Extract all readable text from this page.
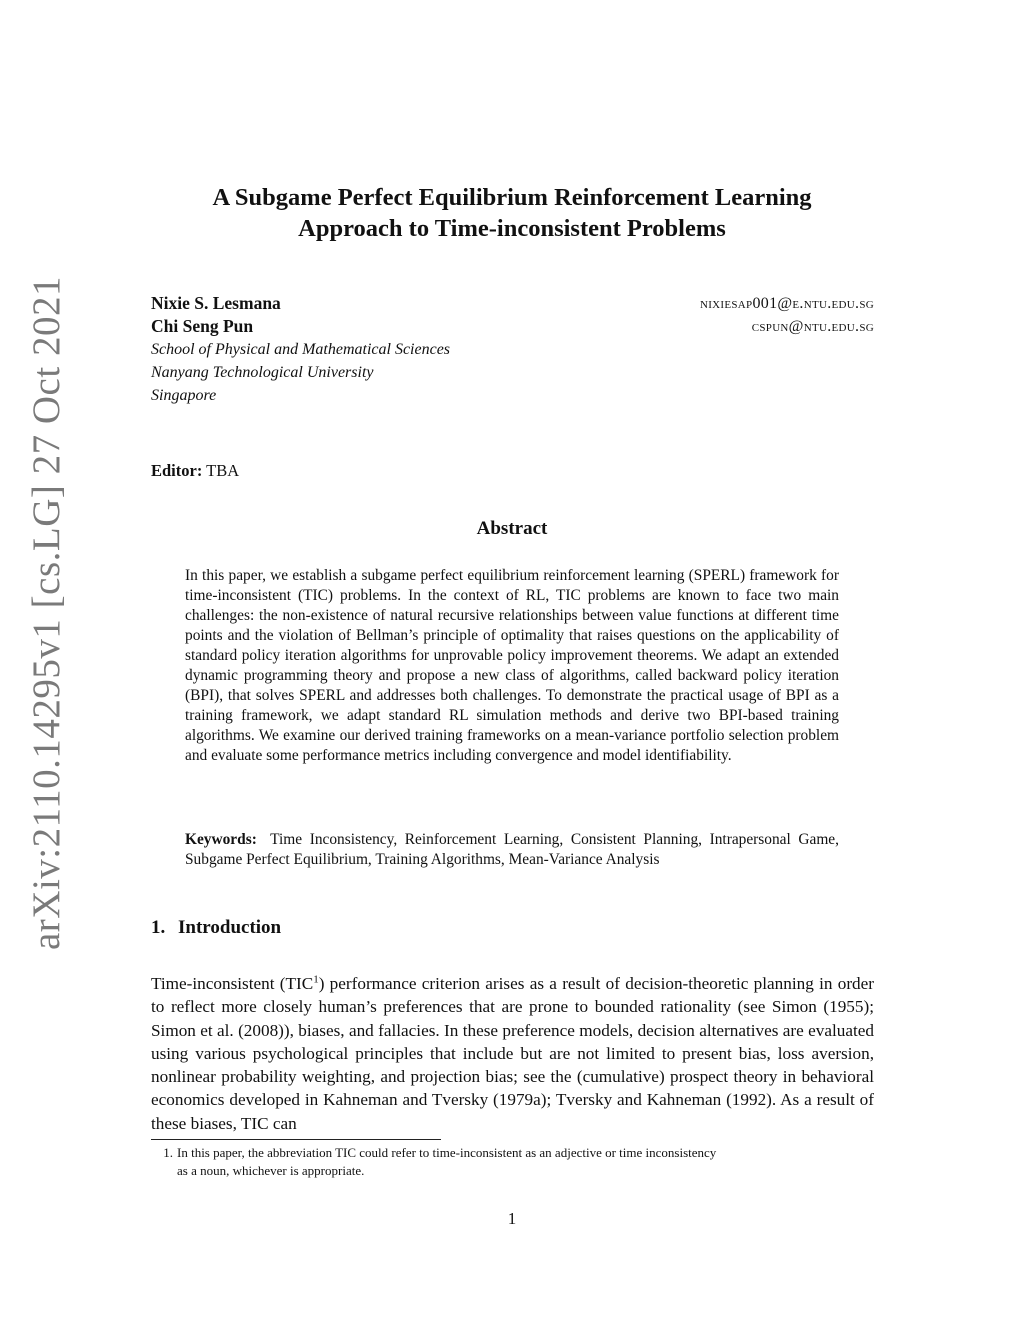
arXiv:2110.14295v1 [cs.LG] 27 Oct 2021
A Subgame Perfect Equilibrium Reinforcement Learning
Approach to Time-inconsistent Problems
Nixie S. Lesmana	nixiesap001@e.ntu.edu.sg
Chi Seng Pun	cspun@ntu.edu.sg
School of Physical and Mathematical Sciences
Nanyang Technological University
Singapore
Editor: TBA
Abstract
In this paper, we establish a subgame perfect equilibrium reinforcement learning (SPERL) framework for time-inconsistent (TIC) problems. In the context of RL, TIC problems are known to face two main challenges: the non-existence of natural recursive relationships between value functions at different time points and the violation of Bellman’s principle of optimality that raises questions on the applicability of standard policy iteration algorithms for unprovable policy improvement theorems. We adapt an extended dynamic programming theory and propose a new class of algorithms, called backward policy iteration (BPI), that solves SPERL and addresses both challenges. To demonstrate the practical usage of BPI as a training framework, we adapt standard RL simulation methods and derive two BPI-based training algorithms. We examine our derived training frameworks on a mean-variance portfolio selection problem and evaluate some performance metrics including convergence and model identifiability.
Keywords: Time Inconsistency, Reinforcement Learning, Consistent Planning, Intrapersonal Game, Subgame Perfect Equilibrium, Training Algorithms, Mean-Variance Analysis
1. Introduction
Time-inconsistent (TIC$^1$) performance criterion arises as a result of decision-theoretic planning in order to reflect more closely human’s preferences that are prone to bounded rationality (see Simon (1955); Simon et al. (2008)), biases, and fallacies. In these preference models, decision alternatives are evaluated using various psychological principles that include but are not limited to present bias, loss aversion, nonlinear probability weighting, and projection bias; see the (cumulative) prospect theory in behavioral economics developed in Kahneman and Tversky (1979a); Tversky and Kahneman (1992). As a result of these biases, TIC can
1. In this paper, the abbreviation TIC could refer to time-inconsistent as an adjective or time inconsistency
as a noun, whichever is appropriate.
1
